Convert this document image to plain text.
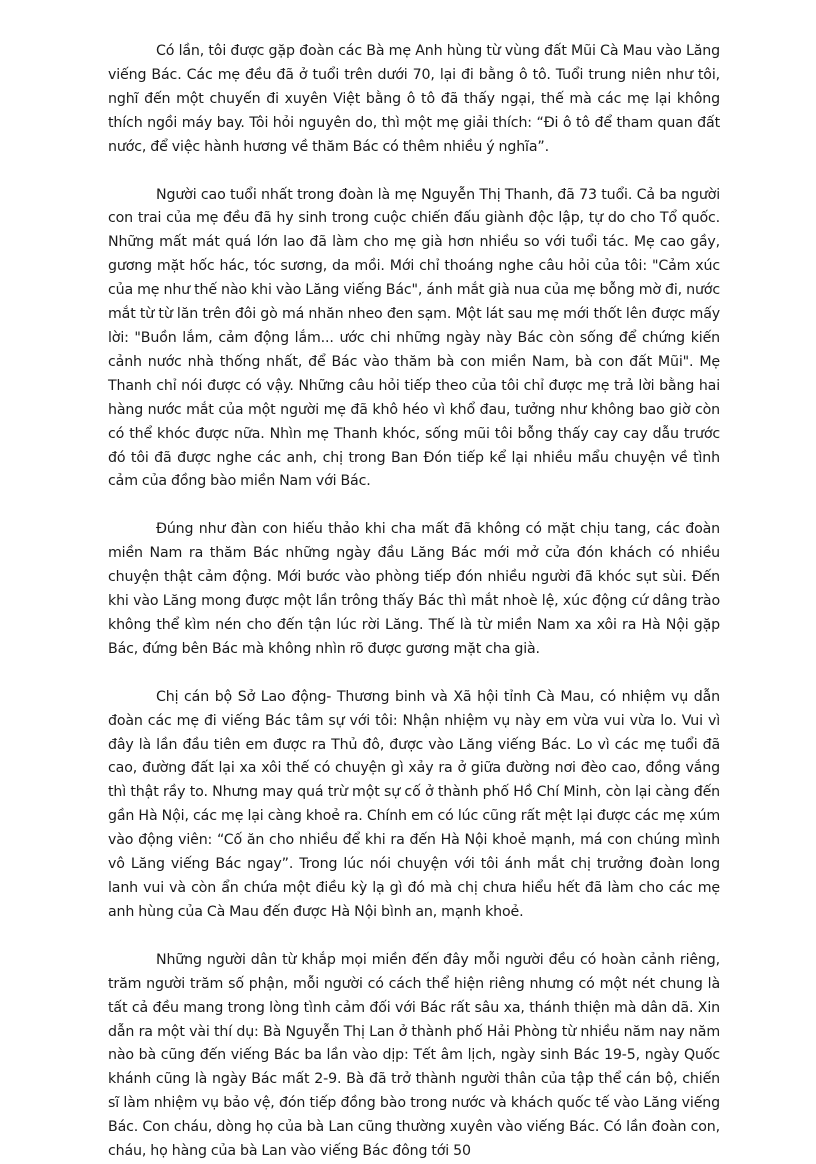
Có lần, tôi được gặp đoàn các Bà mẹ Anh hùng từ vùng đất Mũi Cà Mau vào Lăng viếng Bác. Các mẹ đều đã ở tuổi trên dưới 70, lại đi bằng ô tô. Tuổi trung niên như tôi, nghĩ đến một chuyến đi xuyên Việt bằng ô tô đã thấy ngại, thế mà các mẹ lại không thích ngồi máy bay. Tôi hỏi nguyên do, thì một mẹ giải thích: “Đi ô tô để tham quan đất nước, để việc hành hương về thăm Bác có thêm nhiều ý nghĩa”.

Người cao tuổi nhất trong đoàn là mẹ Nguyễn Thị Thanh, đã 73 tuổi. Cả ba người con trai của mẹ đều đã hy sinh trong cuộc chiến đấu giành độc lập, tự do cho Tổ quốc. Những mất mát quá lớn lao đã làm cho mẹ già hơn nhiều so với tuổi tác. Mẹ cao gầy, gương mặt hốc hác, tóc sương, da mồi. Mới chỉ thoáng nghe câu hỏi của tôi: "Cảm xúc của mẹ như thế nào khi vào Lăng viếng Bác", ánh mắt già nua của mẹ bỗng mờ đi, nước mắt từ từ lăn trên đôi gò má nhăn nheo đen sạm. Một lát sau mẹ mới thốt lên được mấy lời: "Buồn lắm, cảm động lắm... ước chi những ngày này Bác còn sống để chứng kiến cảnh nước nhà thống nhất, để Bác vào thăm bà con miền Nam, bà con đất Mũi". Mẹ Thanh chỉ nói được có vậy. Những câu hỏi tiếp theo của tôi chỉ được mẹ trả lời bằng hai hàng nước mắt của một người mẹ đã khô héo vì khổ đau, tưởng như không bao giờ còn có thể khóc được nữa. Nhìn mẹ Thanh khóc, sống mũi tôi bỗng thấy cay cay dẫu trước đó tôi đã được nghe các anh, chị trong Ban Đón tiếp kể lại nhiều mẩu chuyện về tình cảm của đồng bào miền Nam với Bác.

Đúng như đàn con hiếu thảo khi cha mất đã không có mặt chịu tang, các đoàn miền Nam ra thăm Bác những ngày đầu Lăng Bác mới mở cửa đón khách có nhiều chuyện thật cảm động. Mới bước vào phòng tiếp đón nhiều người đã khóc sụt sùi. Đến khi vào Lăng mong được một lần trông thấy Bác thì mắt nhoè lệ, xúc động cứ dâng trào không thể kìm nén cho đến tận lúc rời Lăng. Thế là từ miền Nam xa xôi ra Hà Nội gặp Bác, đứng bên Bác mà không nhìn rõ được gương mặt cha già.

Chị cán bộ Sở Lao động- Thương binh và Xã hội tỉnh Cà Mau, có nhiệm vụ dẫn đoàn các mẹ đi viếng Bác tâm sự với tôi: Nhận nhiệm vụ này em vừa vui vừa lo. Vui vì đây là lần đầu tiên em được ra Thủ đô, được vào Lăng viếng Bác. Lo vì các mẹ tuổi đã cao, đường đất lại xa xôi thế có chuyện gì xảy ra ở giữa đường nơi đèo cao, đồng vắng thì thật rầy to. Nhưng may quá trừ một sự cố ở thành phố Hồ Chí Minh, còn lại càng đến gần Hà Nội, các mẹ lại càng khoẻ ra. Chính em có lúc cũng rất mệt lại được các mẹ xúm vào động viên: “Cố ăn cho nhiều để khi ra đến Hà Nội khoẻ mạnh, má con chúng mình vô Lăng viếng Bác ngay”. Trong lúc nói chuyện với tôi ánh mắt chị trưởng đoàn long lanh vui và còn ẩn chứa một điều kỳ lạ gì đó mà chị chưa hiểu hết đã làm cho các mẹ anh hùng của Cà Mau đến được Hà Nội bình an, mạnh khoẻ.

Những người dân từ khắp mọi miền đến đây mỗi người đều có hoàn cảnh riêng, trăm người trăm số phận, mỗi người có cách thể hiện riêng nhưng có một nét chung là tất cả đều mang trong lòng tình cảm đối với Bác rất sâu xa, thánh thiện mà dân dã. Xin dẫn ra một vài thí dụ: Bà Nguyễn Thị Lan ở thành phố Hải Phòng từ nhiều năm nay năm nào bà cũng đến viếng Bác ba lần vào dịp: Tết âm lịch, ngày sinh Bác 19-5, ngày Quốc khánh cũng là ngày Bác mất 2-9. Bà đã trở thành người thân của tập thể cán bộ, chiến sĩ làm nhiệm vụ bảo vệ, đón tiếp đồng bào trong nước và khách quốc tế vào Lăng viếng Bác. Con cháu, dòng họ của bà Lan cũng thường xuyên vào viếng Bác. Có lần đoàn con, cháu, họ hàng của bà Lan vào viếng Bác đông tới 50
